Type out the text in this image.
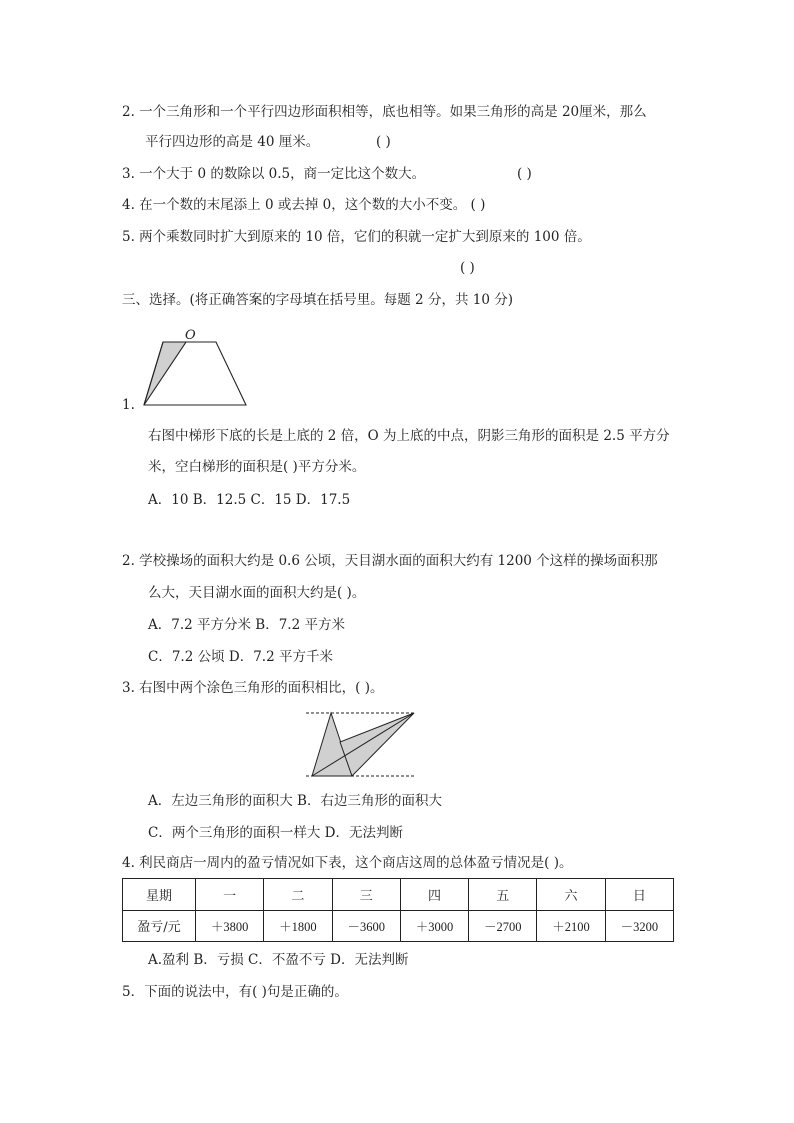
2. 一个三角形和一个平行四边形面积相等，底也相等。如果三角形的高是 20厘米，那么
平行四边形的高是 40 厘米。	( )
3. 一个大于 0 的数除以 0.5，商一定比这个数大。	( )
4. 在一个数的末尾添上 0 或去掉 0，这个数的大小不变。 ( )
5. 两个乘数同时扩大到原来的 10 倍，它们的积就一定扩大到原来的 100 倍。
( )
三、选择。(将正确答案的字母填在括号里。每题 2 分，共 10 分)
O
1.
右图中梯形下底的长是上底的 2 倍，O 为上底的中点，阴影三角形的面积是 2.5 平方分
米，空白梯形的面积是( )平方分米。
A．10 B．12.5 C．15 D．17.5
2. 学校操场的面积大约是 0.6 公顷，天目湖水面的面积大约有 1200 个这样的操场面积那
么大，天目湖水面的面积大约是( )。
A．7.2 平方分米 B．7.2 平方米
C．7.2 公顷 D．7.2 平方千米
3. 右图中两个涂色三角形的面积相比，( )。
A．左边三角形的面积大 B．右边三角形的面积大
C．两个三角形的面积一样大 D．无法判断
4. 利民商店一周内的盈亏情况如下表，这个商店这周的总体盈亏情况是( )。
星期	一	二	三	四	五	六	日
盈亏/元	＋3800	＋1800	－3600	＋3000	－2700	＋2100	－3200
A.盈利 B．亏损 C．不盈不亏 D．无法判断
5．下面的说法中，有( )句是正确的。
